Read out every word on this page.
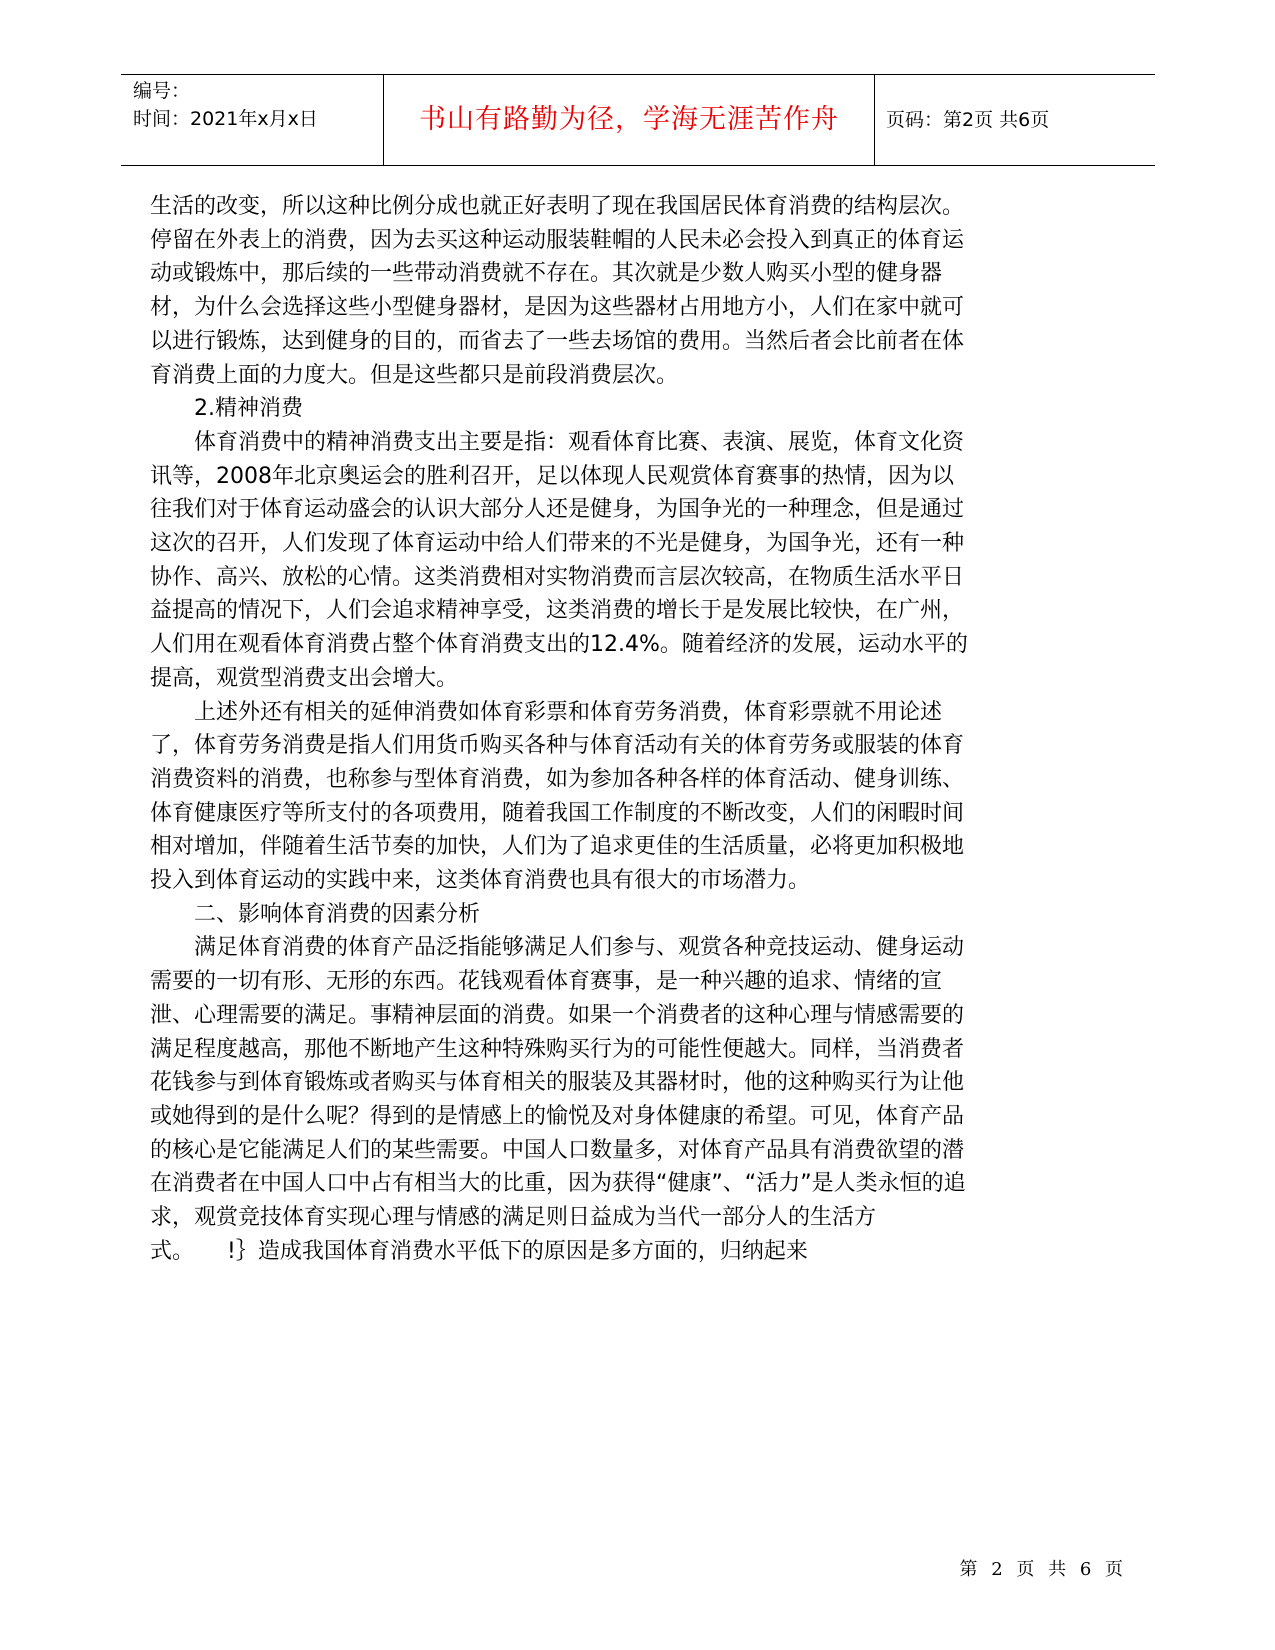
编号：
时间：2021年x月x日	书山有路勤为径，学海无涯苦作舟	页码：第2页 共6页

生活的改变，所以这种比例分成也就正好表明了现在我国居民体育消费的结构层次。停留在外表上的消费，因为去买这种运动服装鞋帽的人民未必会投入到真正的体育运动或锻炼中，那后续的一些带动消费就不存在。其次就是少数人购买小型的健身器材，为什么会选择这些小型健身器材，是因为这些器材占用地方小，人们在家中就可以进行锻炼，达到健身的目的，而省去了一些去场馆的费用。当然后者会比前者在体育消费上面的力度大。但是这些都只是前段消费层次。

2.精神消费

体育消费中的精神消费支出主要是指：观看体育比赛、表演、展览，体育文化资讯等，2008年北京奥运会的胜利召开，足以体现人民观赏体育赛事的热情，因为以往我们对于体育运动盛会的认识大部分人还是健身，为国争光的一种理念，但是通过这次的召开，人们发现了体育运动中给人们带来的不光是健身，为国争光，还有一种协作、高兴、放松的心情。这类消费相对实物消费而言层次较高，在物质生活水平日益提高的情况下，人们会追求精神享受，这类消费的增长于是发展比较快，在广州，人们用在观看体育消费占整个体育消费支出的12.4%。随着经济的发展，运动水平的提高，观赏型消费支出会增大。

上述外还有相关的延伸消费如体育彩票和体育劳务消费，体育彩票就不用论述了，体育劳务消费是指人们用货币购买各种与体育活动有关的体育劳务或服装的体育消费资料的消费，也称参与型体育消费，如为参加各种各样的体育活动、健身训练、体育健康医疗等所支付的各项费用，随着我国工作制度的不断改变，人们的闲暇时间相对增加，伴随着生活节奏的加快，人们为了追求更佳的生活质量，必将更加积极地投入到体育运动的实践中来，这类体育消费也具有很大的市场潜力。

二、影响体育消费的因素分析

满足体育消费的体育产品泛指能够满足人们参与、观赏各种竞技运动、健身运动需要的一切有形、无形的东西。花钱观看体育赛事，是一种兴趣的追求、情绪的宣泄、心理需要的满足。事精神层面的消费。如果一个消费者的这种心理与情感需要的满足程度越高，那他不断地产生这种特殊购买行为的可能性便越大。同样，当消费者花钱参与到体育锻炼或者购买与体育相关的服装及其器材时，他的这种购买行为让他或她得到的是什么呢？得到的是情感上的愉悦及对身体健康的希望。可见，体育产品的核心是它能满足人们的某些需要。中国人口数量多，对体育产品具有消费欲望的潜在消费者在中国人口中占有相当大的比重，因为获得“健康”、“活力”是人类永恒的追求，观赏竞技体育实现心理与情感的满足则日益成为当代一部分人的生活方式。　　!｝造成我国体育消费水平低下的原因是多方面的，归纳起来

第 2 页 共 6 页
